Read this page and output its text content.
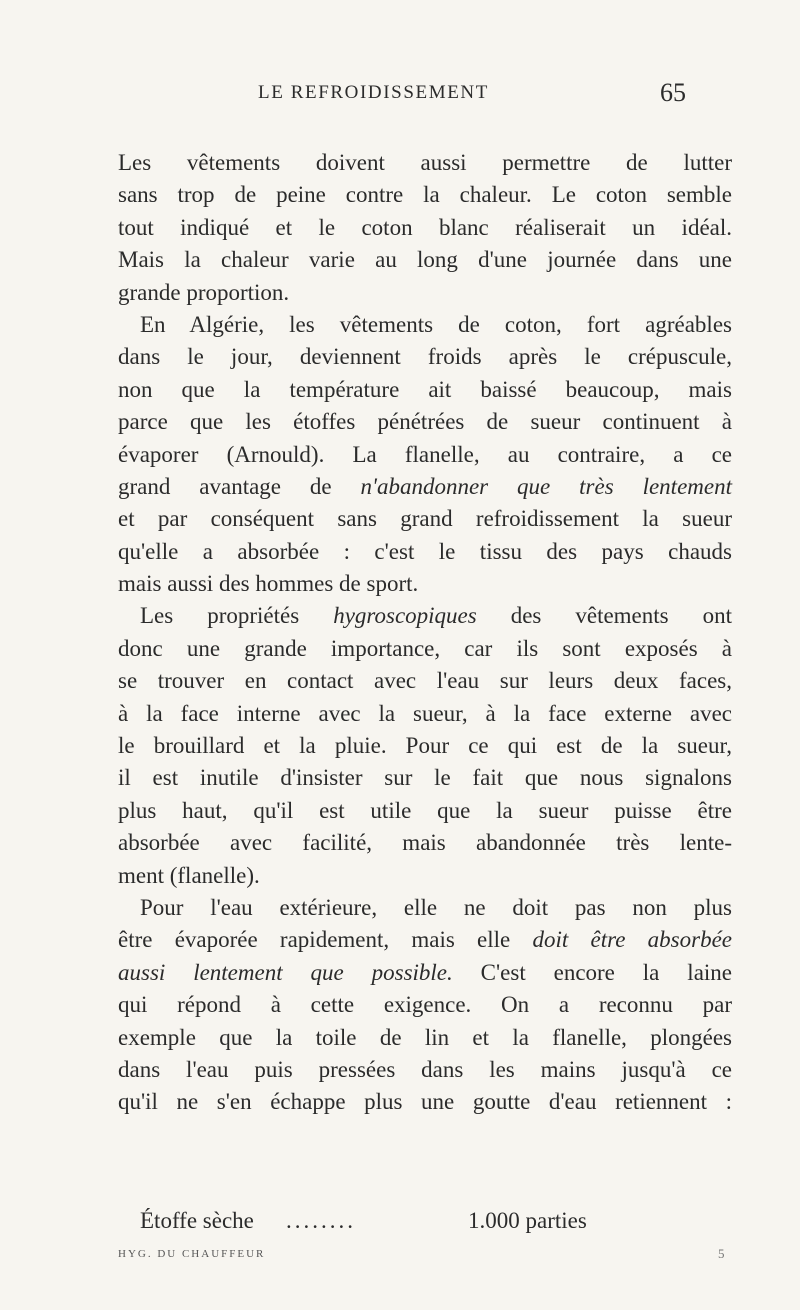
LE REFROIDISSEMENT	65
Les vêtements doivent aussi permettre de lutter
sans trop de peine contre la chaleur. Le coton semble
tout indiqué et le coton blanc réaliserait un idéal.
Mais la chaleur varie au long d'une journée dans une
grande proportion.
En Algérie, les vêtements de coton, fort agréables
dans le jour, deviennent froids après le crépuscule,
non que la température ait baissé beaucoup, mais
parce que les étoffes pénétrées de sueur continuent à
évaporer (Arnould). La flanelle, au contraire, a ce
grand avantage de n'abandonner que très lentement
et par conséquent sans grand refroidissement la sueur
qu'elle a absorbée : c'est le tissu des pays chauds
mais aussi des hommes de sport.
Les propriétés hygroscopiques des vêtements ont
donc une grande importance, car ils sont exposés à
se trouver en contact avec l'eau sur leurs deux faces,
à la face interne avec la sueur, à la face externe avec
le brouillard et la pluie. Pour ce qui est de la sueur,
il est inutile d'insister sur le fait que nous signalons
plus haut, qu'il est utile que la sueur puisse être
absorbée avec facilité, mais abandonnée très lente-
ment (flanelle).
Pour l'eau extérieure, elle ne doit pas non plus
être évaporée rapidement, mais elle doit être absorbée
aussi lentement que possible. C'est encore la laine
qui répond à cette exigence. On a reconnu par
exemple que la toile de lin et la flanelle, plongées
dans l'eau puis pressées dans les mains jusqu'à ce
qu'il ne s'en échappe plus une goutte d'eau retiennent :
Étoffe sèche ........	1.000 parties
HYG. DU CHAUFFEUR	5
